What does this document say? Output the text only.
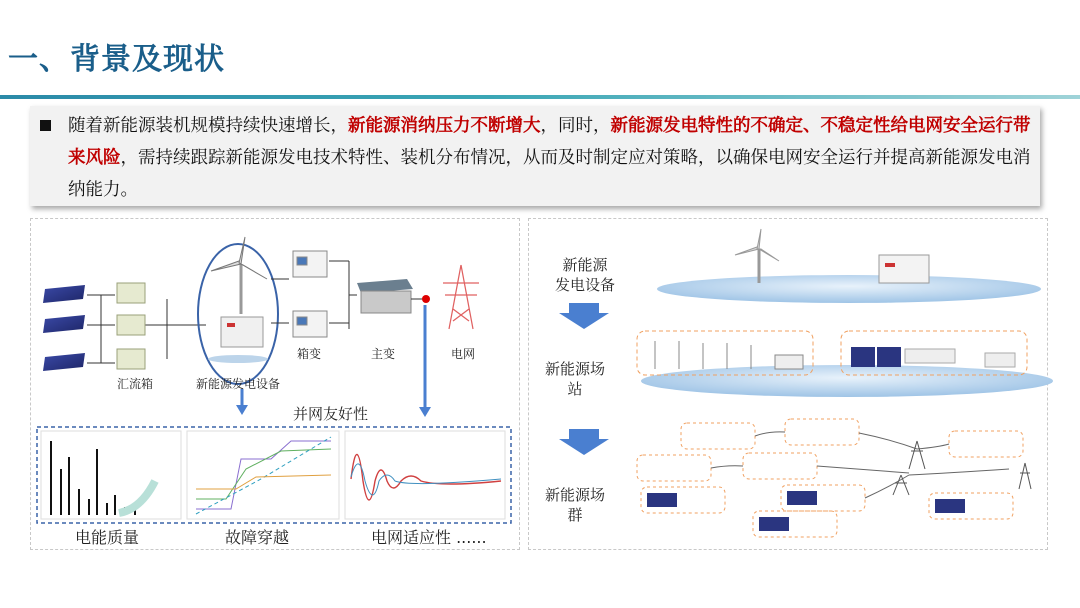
一、背景及现状
随着新能源装机规模持续快速增长，新能源消纳压力不断增大，同时，新能源发电特性的不确定、不稳定性给电网安全运行带来风险，需持续跟踪新能源发电技术特性、装机分布情况，从而及时制定应对策略，以确保电网安全运行并提高新能源发电消纳能力。
汇流箱	新能源发电设备
箱变	主变	电网
并网友好性
电能质量	故障穿越	电网适应性 ......
新能源
发电设备
新能源场
站
新能源场
群
